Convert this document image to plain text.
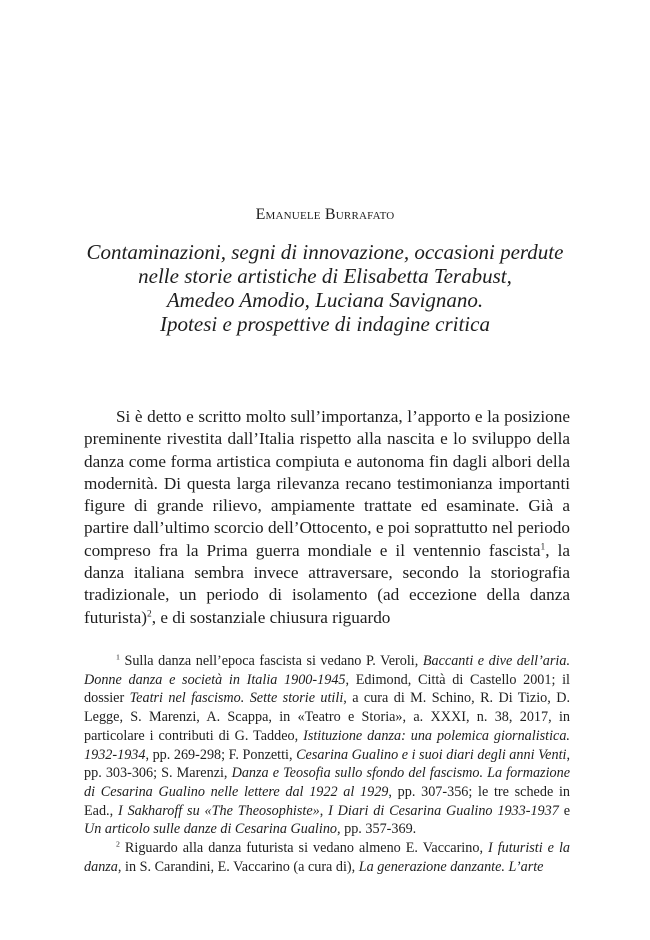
Emanuele Burrafato
Contaminazioni, segni di innovazione, occasioni perdute
nelle storie artistiche di Elisabetta Terabust,
Amedeo Amodio, Luciana Savignano.
Ipotesi e prospettive di indagine critica

Si è detto e scritto molto sull’importanza, l’apporto e la posizione preminente rivestita dall’Italia rispetto alla nascita e lo sviluppo della danza come forma artistica compiuta e autonoma fin dagli albori della modernità. Di questa larga rilevanza recano testimonianza importanti figure di grande rilievo, ampiamente trattate ed esaminate. Già a partire dall’ultimo scorcio dell’Ottocento, e poi soprattutto nel periodo compreso fra la Prima guerra mondiale e il ventennio fascista$^1$, la danza italiana sembra invece attraversare, secondo la storiografia tradizionale, un periodo di isolamento (ad eccezione della danza futurista)$^2$, e di sostanziale chiusura riguardo

$^1$ Sulla danza nell’epoca fascista si vedano P. Veroli, Baccanti e dive dell’aria. Donne danza e società in Italia 1900-1945, Edimond, Città di Castello 2001; il dossier Teatri nel fascismo. Sette storie utili, a cura di M. Schino, R. Di Tizio, D. Legge, S. Marenzi, A. Scappa, in «Teatro e Storia», a. XXXI, n. 38, 2017, in particolare i contributi di G. Taddeo, Istituzione danza: una polemica giornalistica. 1932-1934, pp. 269-298; F. Ponzetti, Cesarina Gualino e i suoi diari degli anni Venti, pp. 303-306; S. Marenzi, Danza e Teosofia sullo sfondo del fascismo. La formazione di Cesarina Gualino nelle lettere dal 1922 al 1929, pp. 307-356; le tre schede in Ead., I Sakharoff su «The Theosophiste», I Diari di Cesarina Gualino 1933-1937 e Un articolo sulle danze di Cesarina Gualino, pp. 357-369.

$^2$ Riguardo alla danza futurista si vedano almeno E. Vaccarino, I futuristi e la danza, in S. Carandini, E. Vaccarino (a cura di), La generazione danzante. L’arte
